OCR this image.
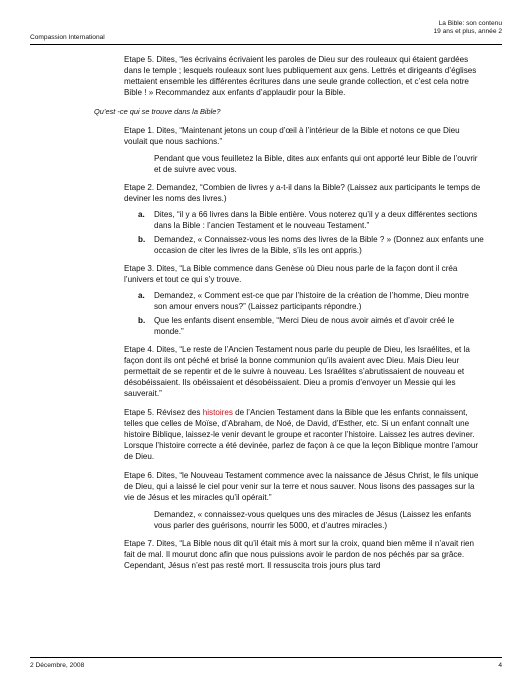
Compassion International
La Bible: son contenu
19 ans et plus, année 2

Etape 5. Dites, “les écrivains écrivaient les paroles de Dieu sur des rouleaux qui étaient gardées dans le temple ; lesquels rouleaux sont lues publiquement aux gens. Lettrés et dirigeants d’églises mettaient ensemble les différentes écritures dans une seule grande collection, et c’est cela notre Bible ! » Recommandez aux enfants d’applaudir pour la Bible.

Qu’est -ce qui se trouve dans la Bible?

Etape 1. Dites, “Maintenant jetons un coup d’œil à l’intérieur de la Bible et notons ce que Dieu voulait que nous sachions.”

Pendant que vous feuilletez la Bible, dites aux enfants qui ont apporté leur Bible de l’ouvrir et de suivre avec vous.

Etape 2. Demandez, “Combien de livres y a-t-il dans la Bible? (Laissez aux participants le temps de deviner les noms des livres.)

a. Dites, “il y a 66 livres dans la Bible entière. Vous noterez qu’il y a deux différentes sections dans la Bible : l’ancien Testament et le nouveau Testament.”
b. Demandez, « Connaissez-vous les noms des livres de la Bible ? » (Donnez aux enfants une occasion de citer les livres de la Bible, s’ils les ont appris.)

Etape 3. Dites, “La Bible commence dans Genèse où Dieu nous parle de la façon dont il créa l’univers et tout ce qui s’y trouve.

a. Demandez, « Comment est-ce que par l’histoire de la création de l’homme, Dieu montre son amour envers nous?” (Laissez participants répondre.)
b. Que les enfants disent ensemble, “Merci Dieu de nous avoir aimés et d’avoir créé le monde.”

Etape 4. Dites, “Le reste de l’Ancien Testament nous parle du peuple de Dieu, les Israélites, et la façon dont ils ont péché et brisé la bonne communion qu’ils avaient avec Dieu. Mais Dieu leur permettait de se repentir et de le suivre à nouveau. Les Israélites s’abrutissaient de nouveau et désobéissaient. Ils obéissaient et désobéissaient. Dieu a promis d’envoyer un Messie qui les sauverait.”

Etape 5. Révisez des histoires de l’Ancien Testament dans la Bible que les enfants connaissent, telles que celles de Moïse, d’Abraham, de Noé, de David, d’Esther, etc. Si un enfant connaît une histoire Biblique, laissez-le venir devant le groupe et raconter l’histoire. Laissez les autres deviner. Lorsque l’histoire correcte a été devinée, parlez de façon à ce que la leçon Biblique montre l’amour de Dieu.

Etape 6. Dites, “le Nouveau Testament commence avec la naissance de Jésus Christ, le fils unique de Dieu, qui a laissé le ciel pour venir sur la terre et nous sauver. Nous lisons des passages sur la vie de Jésus et les miracles qu’il opérait.”

Demandez, « connaissez-vous quelques uns des miracles de Jésus (Laissez les enfants vous parler des guérisons, nourrir les 5000, et d’autres miracles.)

Etape 7. Dites, “La Bible nous dit qu’il était mis à mort sur la croix, quand bien même il n’avait rien fait de mal. Il mourut donc afin que nous puissions avoir le pardon de nos péchés par sa grâce. Cependant, Jésus n’est pas resté mort. Il ressuscita trois jours plus tard

2 Décembre, 2008	4
